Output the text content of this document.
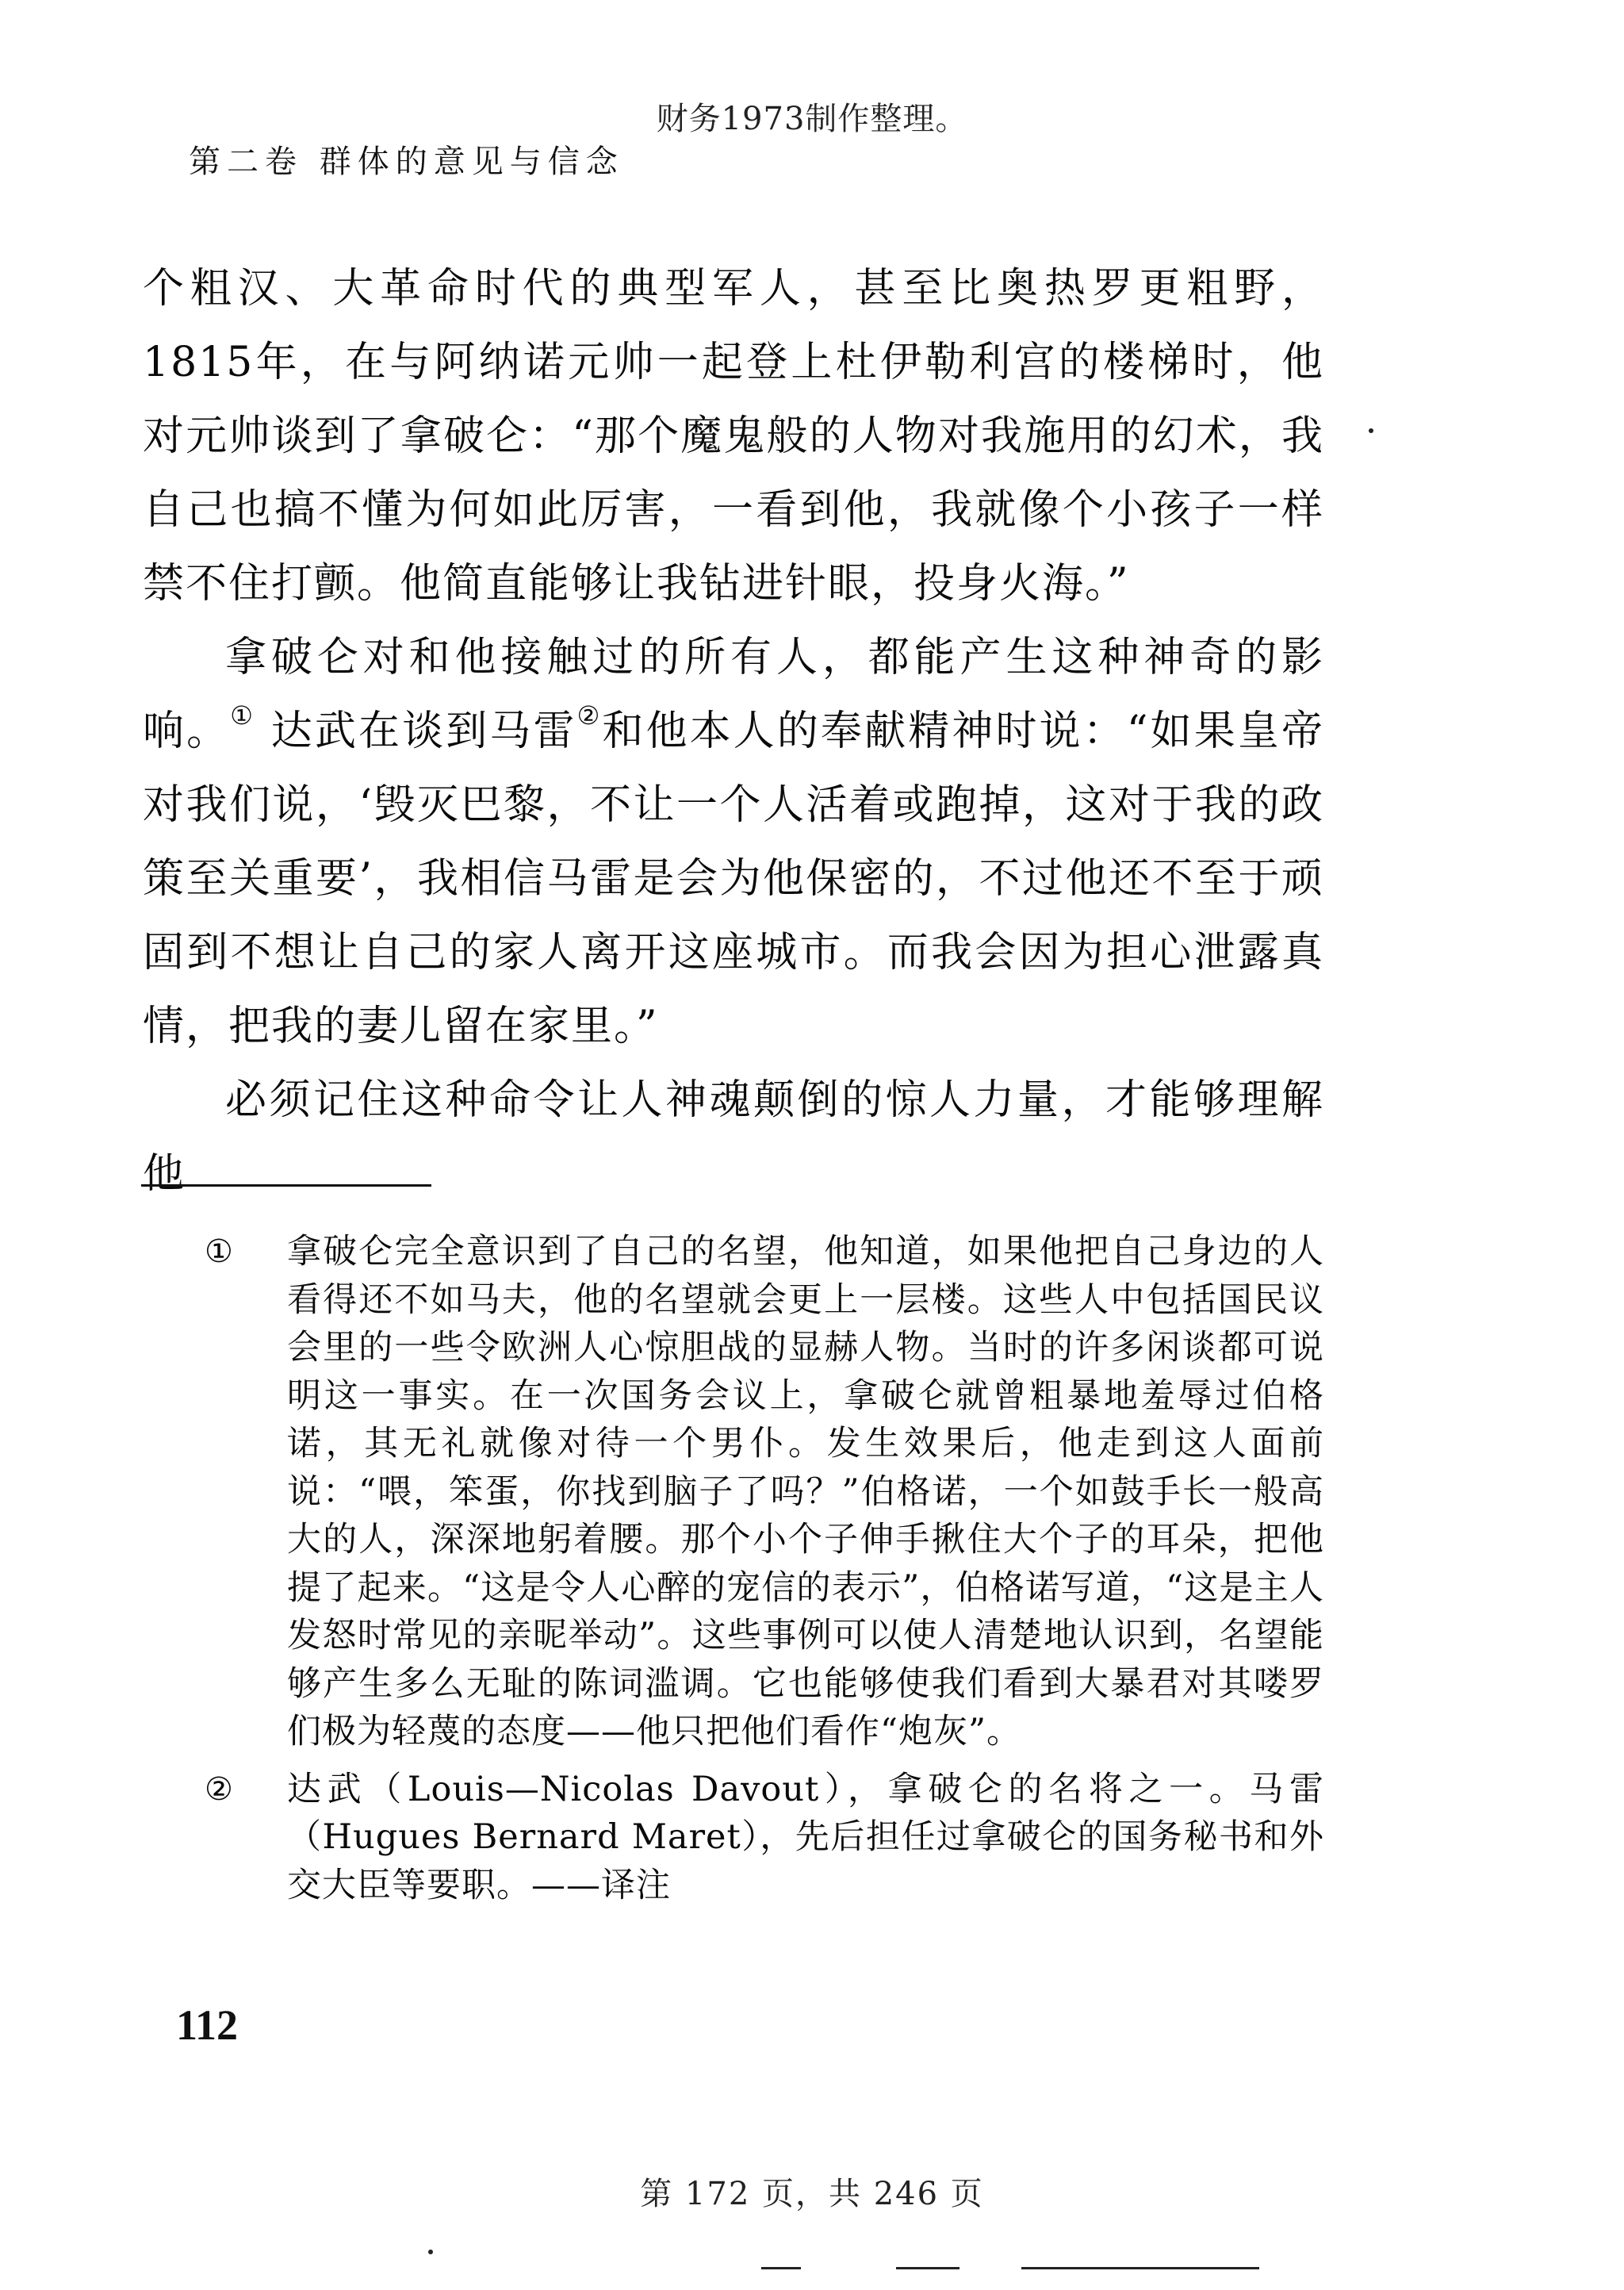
财务1973制作整理。
第二卷 群体的意见与信念

个粗汉、大革命时代的典型军人，甚至比奥热罗更粗野，1815年，在与阿纳诺元帅一起登上杜伊勒利宫的楼梯时，他对元帅谈到了拿破仑：“那个魔鬼般的人物对我施用的幻术，我自己也搞不懂为何如此厉害，一看到他，我就像个小孩子一样禁不住打颤。他简直能够让我钻进针眼，投身火海。”

拿破仑对和他接触过的所有人，都能产生这种神奇的影响。① 达武在谈到马雷②和他本人的奉献精神时说：“如果皇帝对我们说，‘毁灭巴黎，不让一个人活着或跑掉，这对于我的政策至关重要’，我相信马雷是会为他保密的，不过他还不至于顽固到不想让自己的家人离开这座城市。而我会因为担心泄露真情，把我的妻儿留在家里。”

必须记住这种命令让人神魂颠倒的惊人力量，才能够理解他

①	拿破仑完全意识到了自己的名望，他知道，如果他把自己身边的人看得还不如马夫，他的名望就会更上一层楼。这些人中包括国民议会里的一些令欧洲人心惊胆战的显赫人物。当时的许多闲谈都可说明这一事实。在一次国务会议上，拿破仑就曾粗暴地羞辱过伯格诺，其无礼就像对待一个男仆。发生效果后，他走到这人面前说：“喂，笨蛋，你找到脑子了吗？”伯格诺，一个如鼓手长一般高大的人，深深地躬着腰。那个小个子伸手揪住大个子的耳朵，把他提了起来。“这是令人心醉的宠信的表示”，伯格诺写道，“这是主人发怒时常见的亲昵举动”。这些事例可以使人清楚地认识到，名望能够产生多么无耻的陈词滥调。它也能够使我们看到大暴君对其喽罗们极为轻蔑的态度——他只把他们看作“炮灰”。
②	达武（Louis—Nicolas Davout），拿破仑的名将之一。马雷（Hugues Bernard Maret），先后担任过拿破仑的国务秘书和外交大臣等要职。——译注
112
第 172 页，共 246 页
